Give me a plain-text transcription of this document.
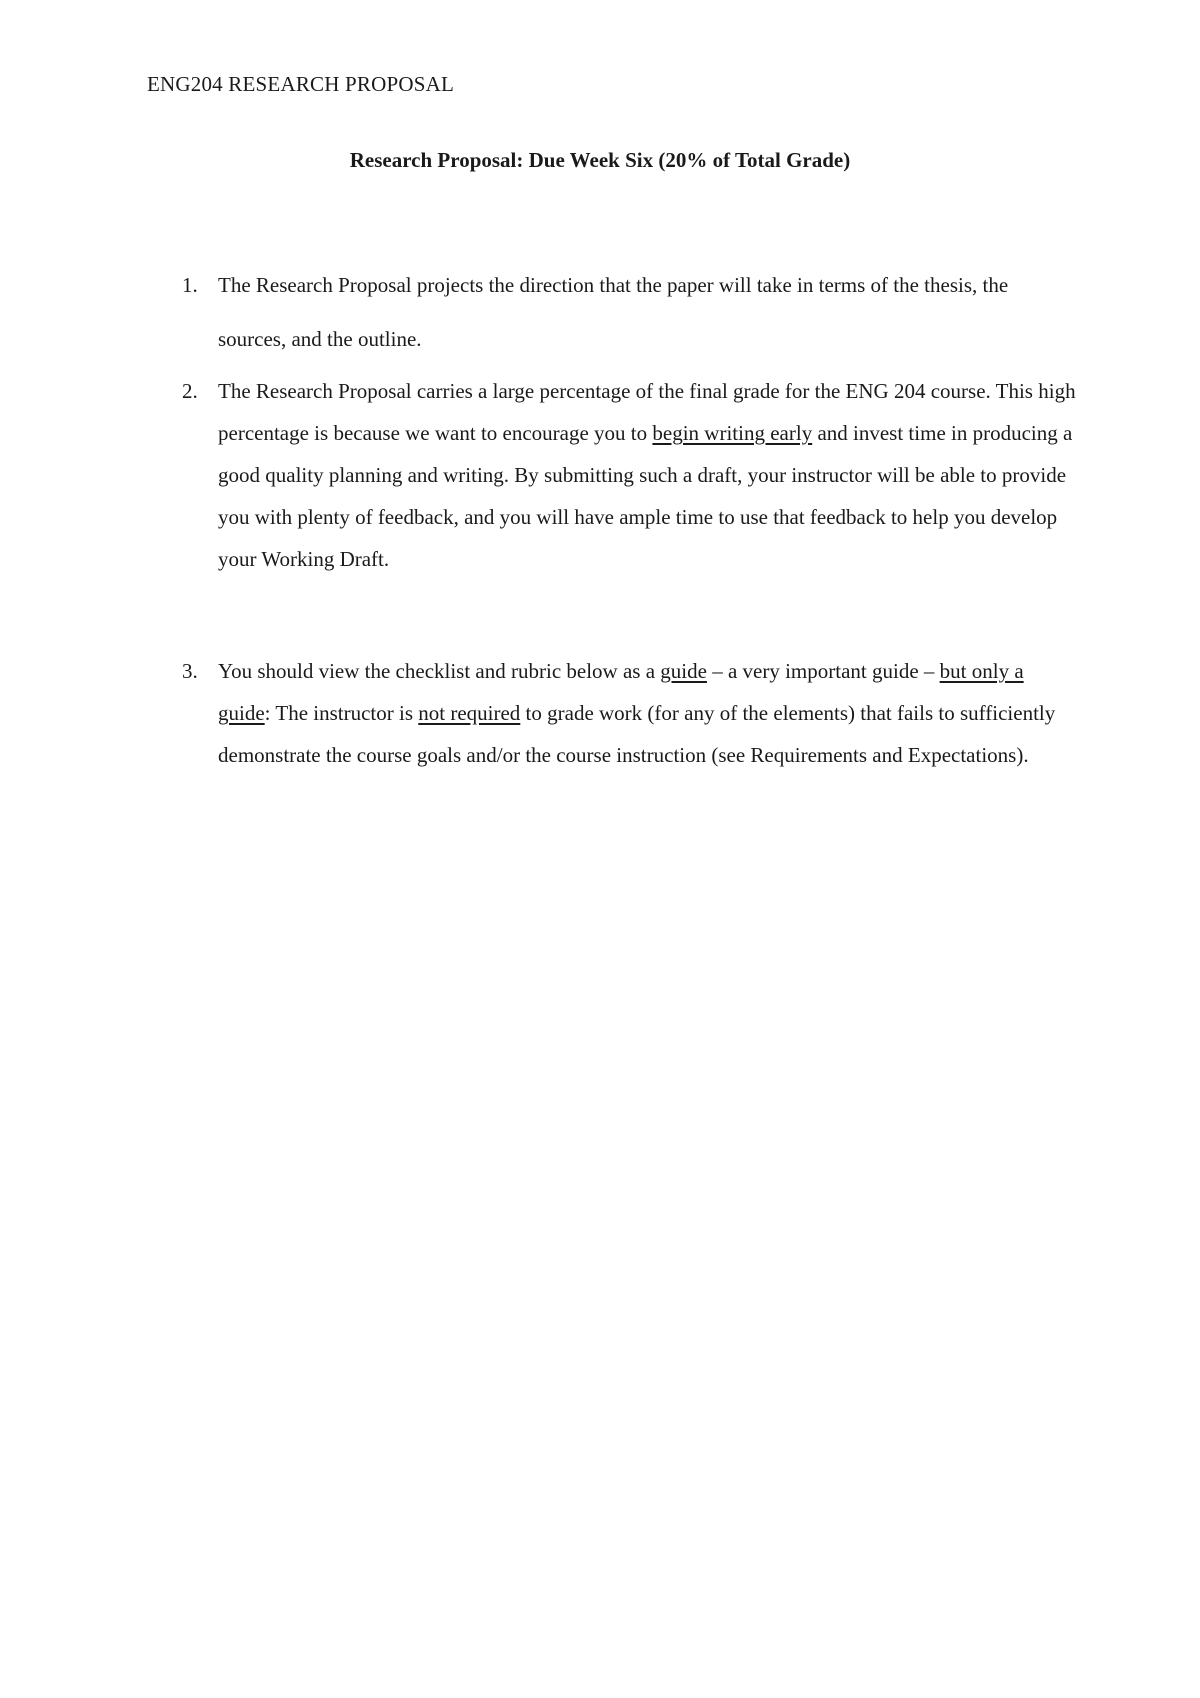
ENG204 RESEARCH PROPOSAL
Research Proposal: Due Week Six (20% of Total Grade)
1. The Research Proposal projects the direction that the paper will take in terms of the thesis, the sources, and the outline.

2. The Research Proposal carries a large percentage of the final grade for the ENG 204 course. This high percentage is because we want to encourage you to begin writing early and invest time in producing a good quality planning and writing. By submitting such a draft, your instructor will be able to provide you with plenty of feedback, and you will have ample time to use that feedback to help you develop your Working Draft.

3. You should view the checklist and rubric below as a guide – a very important guide – but only a guide: The instructor is not required to grade work (for any of the elements) that fails to sufficiently demonstrate the course goals and/or the course instruction (see Requirements and Expectations).
